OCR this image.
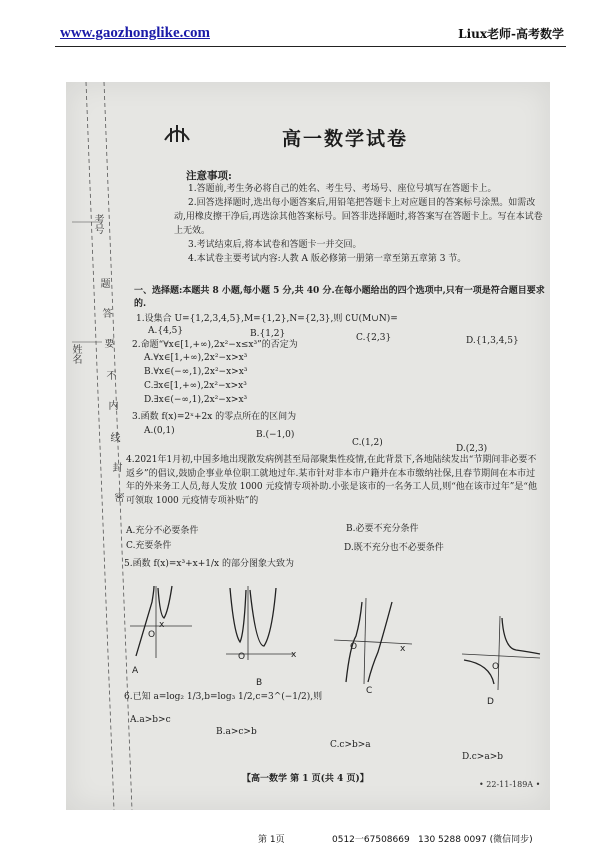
www.gaozhonglike.com	Liux老师-高考数学
考号
姓名
题
答
要
不
内
线
封
密
高一数学试卷
注意事项:

1.答题前,考生务必将自己的姓名、考生号、考场号、座位号填写在答题卡上。

2.回答选择题时,选出每小题答案后,用铅笔把答题卡上对应题目的答案标号涂黑。如需改动,用橡皮擦干净后,再选涂其他答案标号。回答非选择题时,将答案写在答题卡上。写在本试卷上无效。

3.考试结束后,将本试卷和答题卡一并交回。

4.本试卷主要考试内容:人教 A 版必修第一册第一章至第五章第 3 节。

一、选择题:本题共 8 小题,每小题 5 分,共 40 分.在每小题给出的四个选项中,只有一项是符合题目要求的.
1.设集合 U={1,2,3,4,5},M={1,2},N={2,3},则 ∁U(M∪N)=
A.{4,5}	B.{1,2}	C.{2,3}	D.{1,3,4,5}
2.命题“∀x∈[1,+∞),2x²−x≤x³”的否定为
A.∀x∈[1,+∞),2x²−x>x³
B.∀x∈(−∞,1),2x²−x>x³
C.∃x∈[1,+∞),2x²−x>x³
D.∃x∈(−∞,1),2x²−x>x³
3.函数 f(x)=2ˣ+2x 的零点所在的区间为
A.(0,1)	B.(−1,0)
C.(1,2)
D.(2,3)
4.2021年1月初,中国多地出现散发病例甚至局部聚集性疫情,在此背景下,各地陆续发出“节期间非必要不返乡”的倡议,鼓励企事业单位职工就地过年.某市针对非本市户籍并在本市缴纳社保,且春节期间在本市过年的外来务工人员,每人发放 1000 元疫情专项补助.小张是该市的一名务工人员,则“他在该市过年”是“他可领取 1000 元疫情专项补贴”的
A.充分不必要条件	B.必要不充分条件
C.充要条件	D.既不充分也不必要条件
5.函数 f(x)=x³+x+1/x 的部分图象大致为
x
O
A
O	x
B
O	x
C
O
D
6.已知 a=log₂ 1/3,b=log₃ 1/2,c=3^(−1/2),则
A.a>b>c
B.a>c>b
C.c>b>a
D.c>a>b
【高一数学 第 1 页(共 4 页)】
• 22-11-189A •
第 1页	0512一67508669 130 5288 0097 (微信同步)
